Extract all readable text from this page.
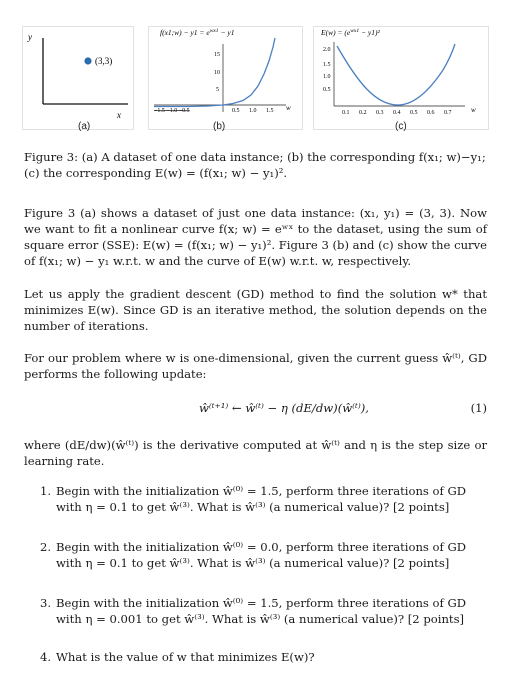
y
(3,3)
x
f(x1;w) − $y1 = e^{wx1} - y1$
15
10
5
−1.5 −1.0 −0.5	0.5 1.0 1.5 w
$E(w) = (e^{wx1} - y1)^2$
2.0
1.5
1.0
0.5
0.1 0.2 0.3 0.4 0.5 0.6 0.7	w
(a)	(b)	(c)
Figure 3: (a) A dataset of one data instance; (b) the corresponding f(x₁; w)−y₁;
(c) the corresponding E(w) = (f(x₁; w) − y₁)².
Figure 3 (a) shows a dataset of just one data instance: (x₁, y₁) = (3, 3). Now we want to fit a nonlinear curve f(x; w) = eʷˣ to the dataset, using the sum of square error (SSE): E(w) = (f(x₁; w) − y₁)². Figure 3 (b) and (c) show the curve of f(x₁; w) − y₁ w.r.t. w and the curve of E(w) w.r.t. w, respectively.
Let us apply the gradient descent (GD) method to find the solution w* that minimizes E(w). Since GD is an iterative method, the solution depends on the number of iterations.
For our problem where w is one-dimensional, given the current guess ŵ⁽ᵗ⁾, GD performs the following update:
ŵ⁽ᵗ⁺¹⁾ ← ŵ⁽ᵗ⁾ − η (dE/dw)(ŵ⁽ᵗ⁾),	(1)
where (dE/dw)(ŵ⁽ᵗ⁾) is the derivative computed at ŵ⁽ᵗ⁾ and η is the step size or learning rate.
1. Begin with the initialization ŵ⁽⁰⁾ = 1.5, perform three iterations of GD with η = 0.1 to get ŵ⁽³⁾. What is ŵ⁽³⁾ (a numerical value)? [2 points]
2. Begin with the initialization ŵ⁽⁰⁾ = 0.0, perform three iterations of GD with η = 0.1 to get ŵ⁽³⁾. What is ŵ⁽³⁾ (a numerical value)? [2 points]
3. Begin with the initialization ŵ⁽⁰⁾ = 1.5, perform three iterations of GD with η = 0.001 to get ŵ⁽³⁾. What is ŵ⁽³⁾ (a numerical value)? [2 points]
4. What is the value of w that minimizes E(w)?
